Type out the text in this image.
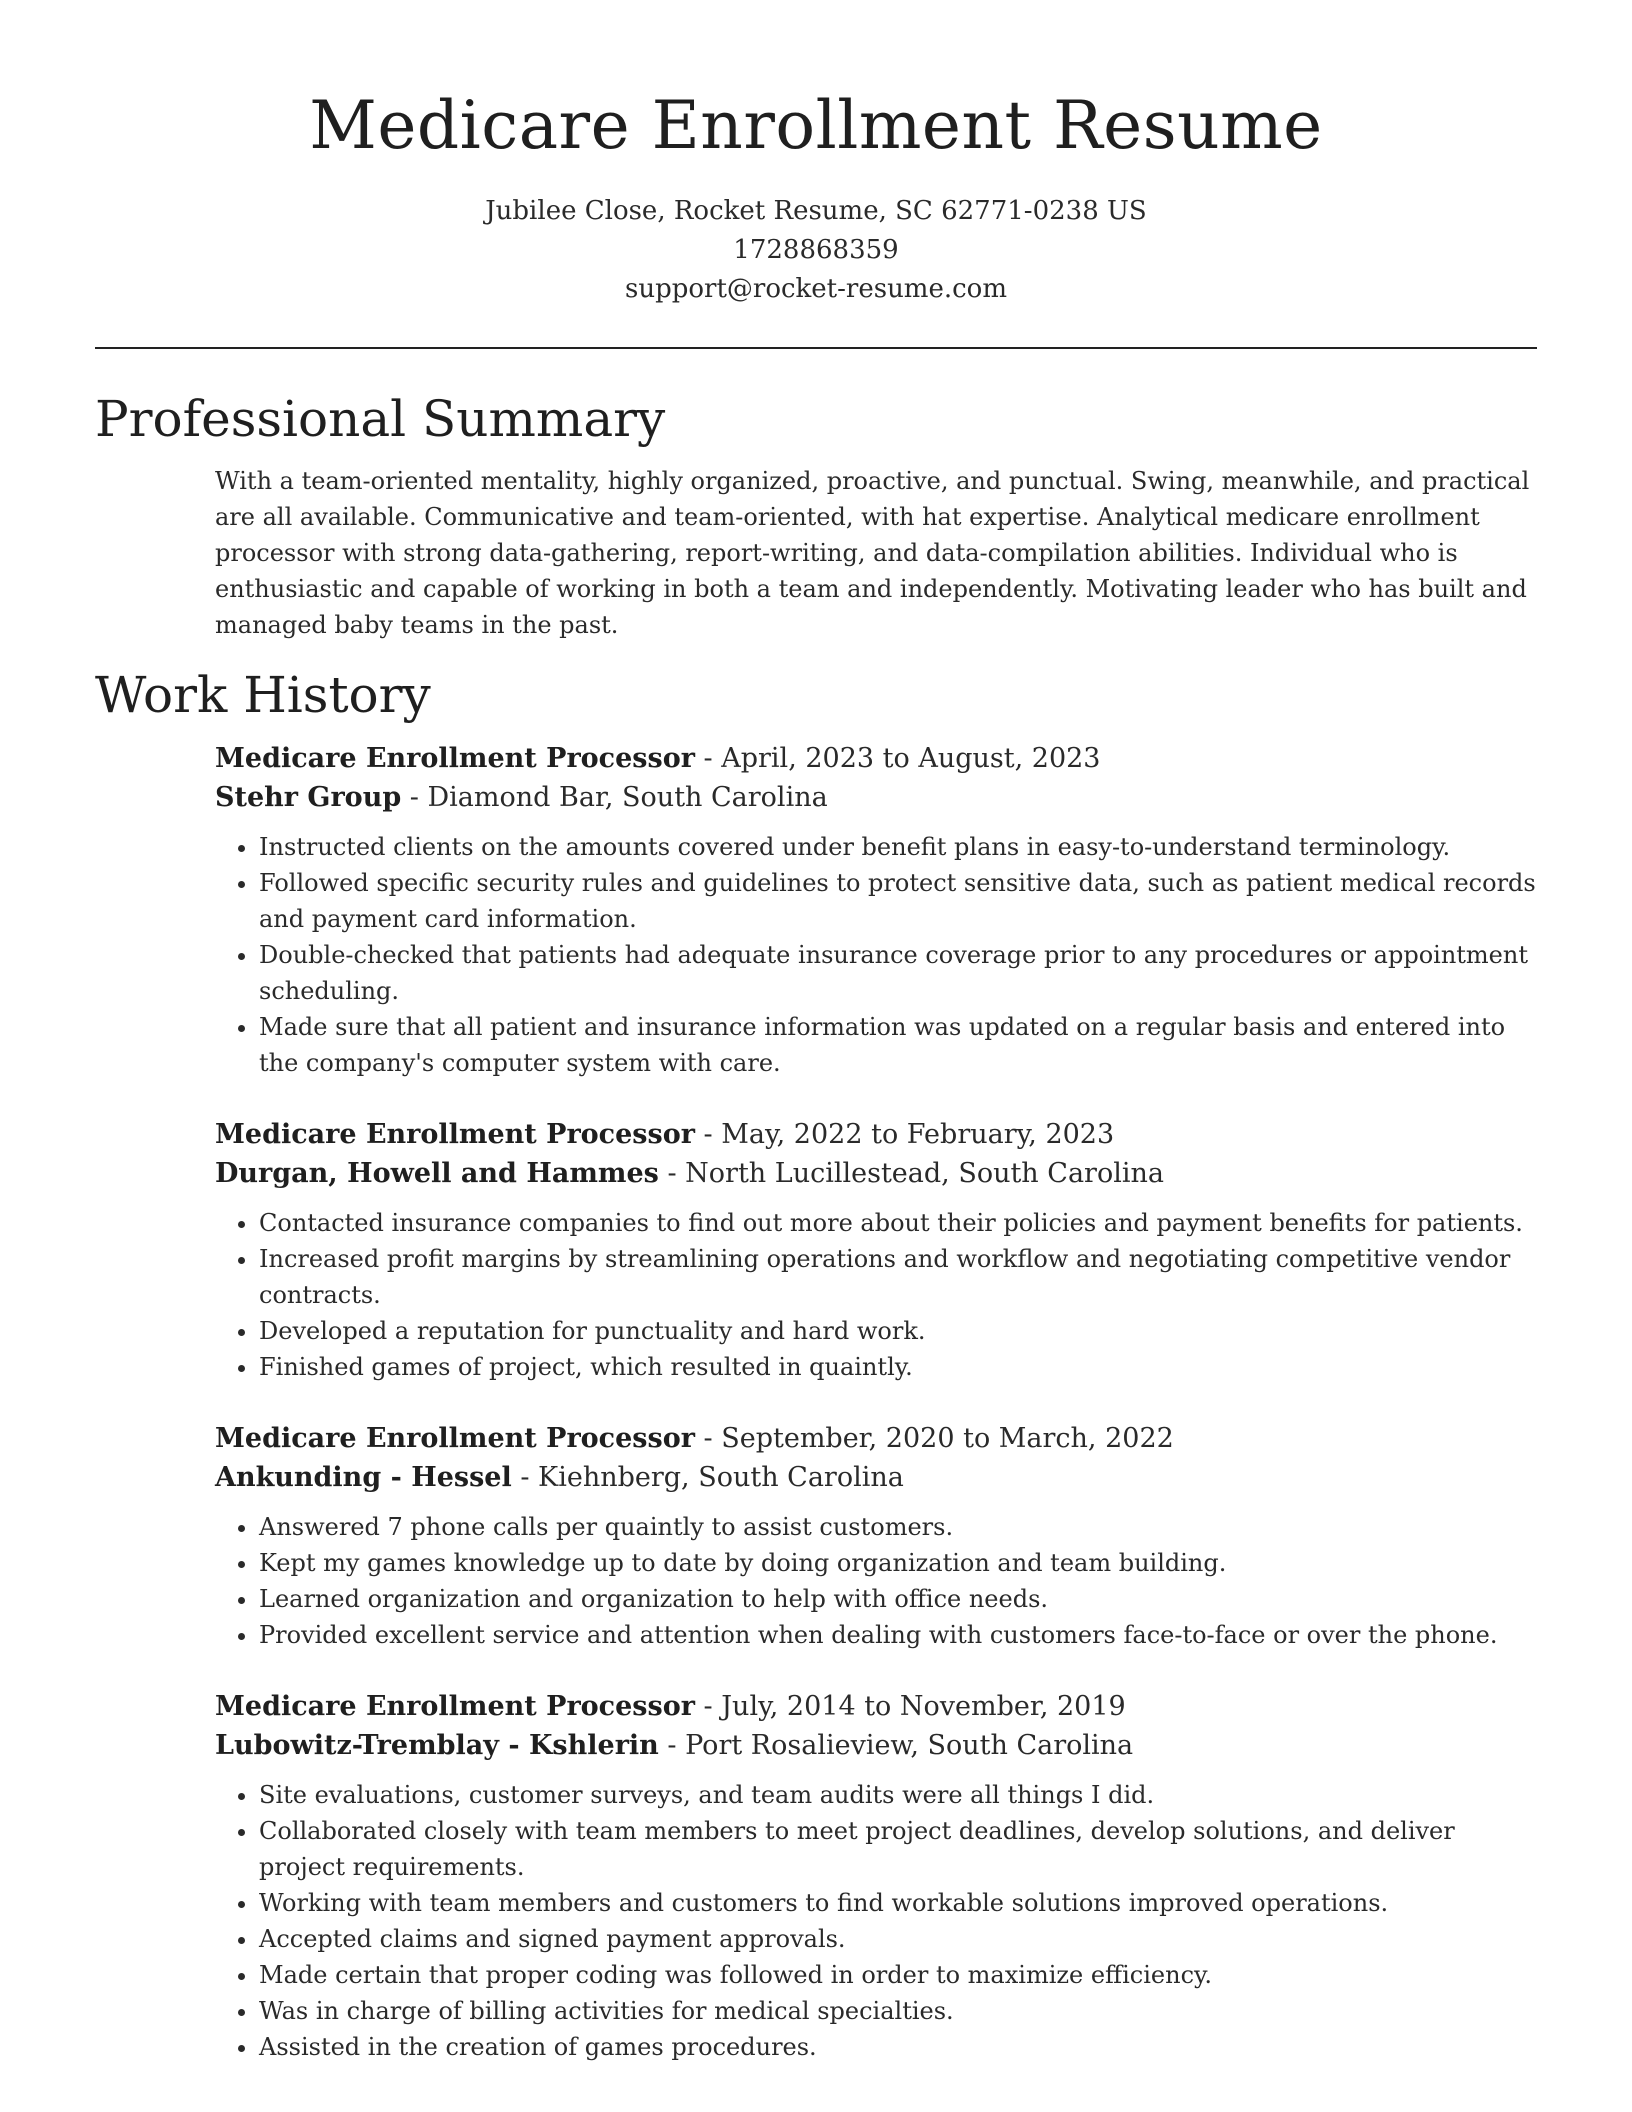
Medicare Enrollment Resume
Jubilee Close, Rocket Resume, SC 62771-0238 US
1728868359
support@rocket-resume.com
Professional Summary

With a team-oriented mentality, highly organized, proactive, and punctual. Swing, meanwhile, and practical are all available. Communicative and team-oriented, with hat expertise. Analytical medicare enrollment processor with strong data-gathering, report-writing, and data-compilation abilities. Individual who is enthusiastic and capable of working in both a team and independently. Motivating leader who has built and managed baby teams in the past.

Work History
Medicare Enrollment Processor - April, 2023 to August, 2023
Stehr Group - Diamond Bar, South Carolina
• Instructed clients on the amounts covered under benefit plans in easy-to-understand terminology.
• Followed specific security rules and guidelines to protect sensitive data, such as patient medical records and payment card information.
• Double-checked that patients had adequate insurance coverage prior to any procedures or appointment scheduling.
• Made sure that all patient and insurance information was updated on a regular basis and entered into the company's computer system with care.
Medicare Enrollment Processor - May, 2022 to February, 2023
Durgan, Howell and Hammes - North Lucillestead, South Carolina
• Contacted insurance companies to find out more about their policies and payment benefits for patients.
• Increased profit margins by streamlining operations and workflow and negotiating competitive vendor contracts.
• Developed a reputation for punctuality and hard work.
• Finished games of project, which resulted in quaintly.
Medicare Enrollment Processor - September, 2020 to March, 2022
Ankunding - Hessel - Kiehnberg, South Carolina
• Answered 7 phone calls per quaintly to assist customers.
• Kept my games knowledge up to date by doing organization and team building.
• Learned organization and organization to help with office needs.
• Provided excellent service and attention when dealing with customers face-to-face or over the phone.
Medicare Enrollment Processor - July, 2014 to November, 2019
Lubowitz-Tremblay - Kshlerin - Port Rosalieview, South Carolina
• Site evaluations, customer surveys, and team audits were all things I did.
• Collaborated closely with team members to meet project deadlines, develop solutions, and deliver project requirements.
• Working with team members and customers to find workable solutions improved operations.
• Accepted claims and signed payment approvals.
• Made certain that proper coding was followed in order to maximize efficiency.
• Was in charge of billing activities for medical specialties.
• Assisted in the creation of games procedures.
